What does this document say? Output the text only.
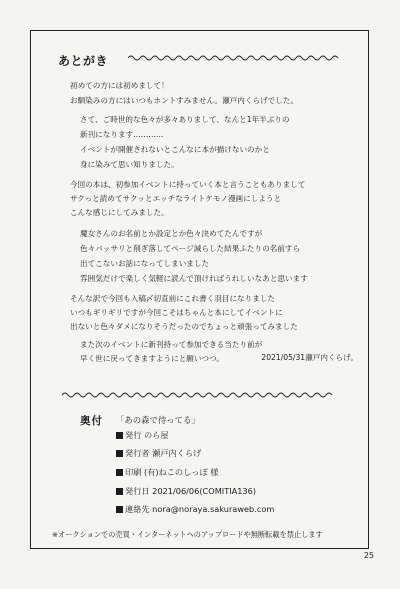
あとがき
初めての方には初めまして！
お馴染みの方にはいつもホントすみません。瀬戸内くらげでした。
さて、ご時世的な色々が多々ありまして、なんと1年半ぶりの
新刊になります…………
イベントが開催されないとこんなに本が描けないのかと
身に染みて思い知りました。
今回の本は、初参加イベントに持っていく本と言うこともありまして
サクっと読めてサクッとエッチなライトケモノ漫画にしようと
こんな感じにしてみました。
魔女さんのお名前とか設定とか色々決めてたんですが
色々バッサリと削ぎ落してページ減らした結果ふたりの名前すら
出てこないお話になってしまいました
雰囲気だけで楽しく気軽に読んで頂ければうれしいなあと思います
そんな訳で今回も入稿〆切直前にこれ書く羽目になりました
いつもギリギリですが今回こそはちゃんと本にしてイベントに
出ないと色々ダメになりそうだったのでちょっと頑張ってみました
また次のイベントに新刊持って参加できる当たり前が
早く世に戻ってきますようにと願いつつ。	2021/05/31瀬戸内くらげ。
奥付 「あの森で待ってる」
発行 のら屋
発行者 瀬戸内くらげ
印刷 (有)ねこのしっぽ 様
発行日 2021/06/06(COMITIA136)
連絡先 nora@noraya.sakuraweb.com
※オークションでの売買・インターネットへのアップロードや無断転載を禁止します
25
